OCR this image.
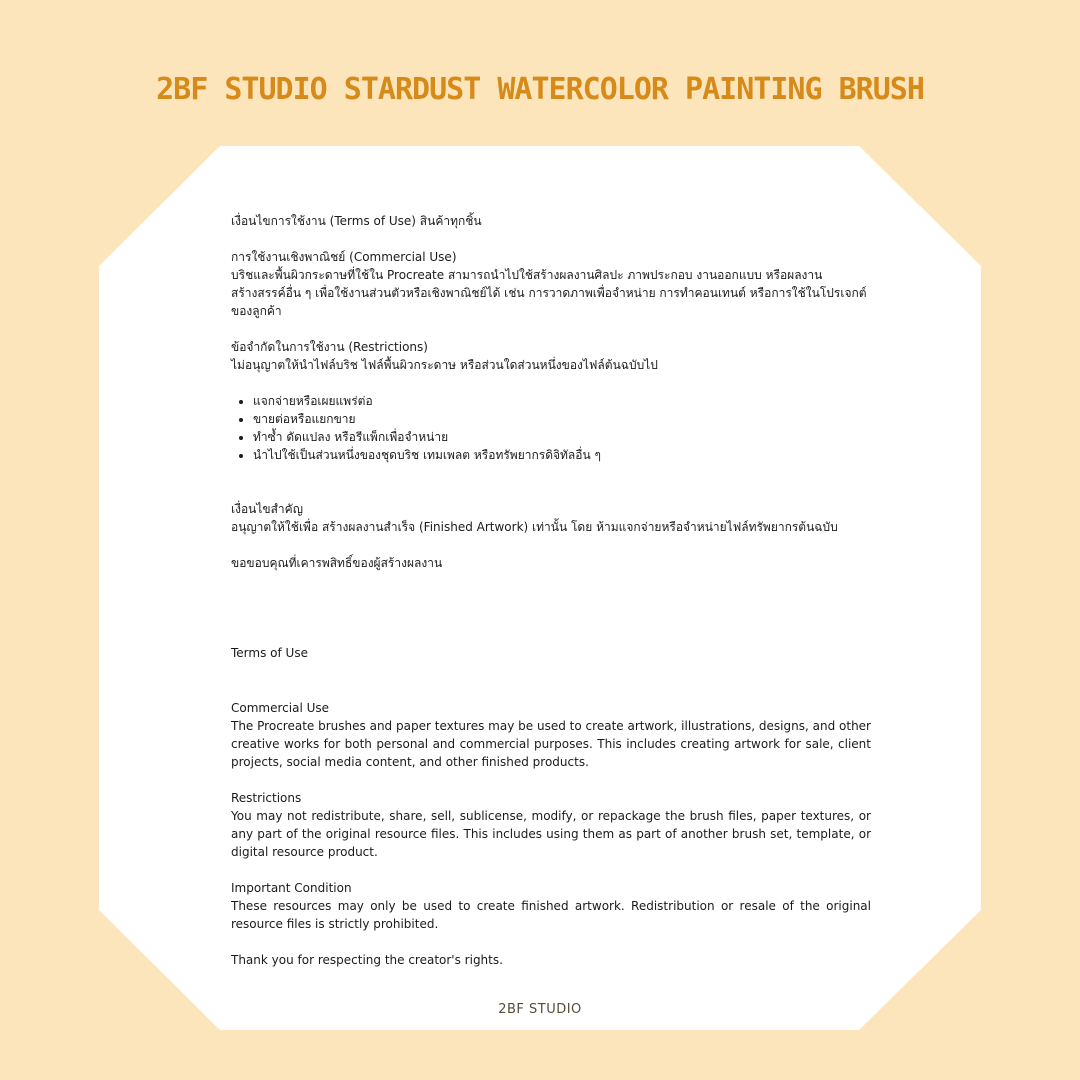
2BF STUDIO STARDUST WATERCOLOR PAINTING BRUSH

เงื่อนไขการใช้งาน (Terms of Use) สินค้าทุกชิ้น

การใช้งานเชิงพาณิชย์ (Commercial Use)

บริชและพื้นผิวกระดาษที่ใช้ใน Procreate สามารถนำไปใช้สร้างผลงานศิลปะ ภาพประกอบ งานออกแบบ หรือผลงานสร้างสรรค์อื่น ๆ เพื่อใช้งานส่วนตัวหรือเชิงพาณิชย์ได้ เช่น การวาดภาพเพื่อจำหน่าย การทำคอนเทนต์ หรือการใช้ในโปรเจกต์ของลูกค้า

ข้อจำกัดในการใช้งาน (Restrictions)

ไม่อนุญาตให้นำไฟล์บริช ไฟล์พื้นผิวกระดาษ หรือส่วนใดส่วนหนึ่งของไฟล์ต้นฉบับไป

• แจกจ่ายหรือเผยแพร่ต่อ
• ขายต่อหรือแยกขาย
• ทำซ้ำ ดัดแปลง หรือรีแพ็กเพื่อจำหน่าย
• นำไปใช้เป็นส่วนหนึ่งของชุดบริช เทมเพลต หรือทรัพยากรดิจิทัลอื่น ๆ

เงื่อนไขสำคัญ

อนุญาตให้ใช้เพื่อ สร้างผลงานสำเร็จ (Finished Artwork) เท่านั้น โดย ห้ามแจกจ่ายหรือจำหน่ายไฟล์ทรัพยากรต้นฉบับ

ขอขอบคุณที่เคารพสิทธิ์ของผู้สร้างผลงาน

Terms of Use

Commercial Use

The Procreate brushes and paper textures may be used to create artwork, illustrations, designs, and other creative works for both personal and commercial purposes. This includes creating artwork for sale, client projects, social media content, and other finished products.

Restrictions

You may not redistribute, share, sell, sublicense, modify, or repackage the brush files, paper textures, or any part of the original resource files. This includes using them as part of another brush set, template, or digital resource product.

Important Condition

These resources may only be used to create finished artwork. Redistribution or resale of the original resource files is strictly prohibited.

Thank you for respecting the creator's rights.

2BF STUDIO
